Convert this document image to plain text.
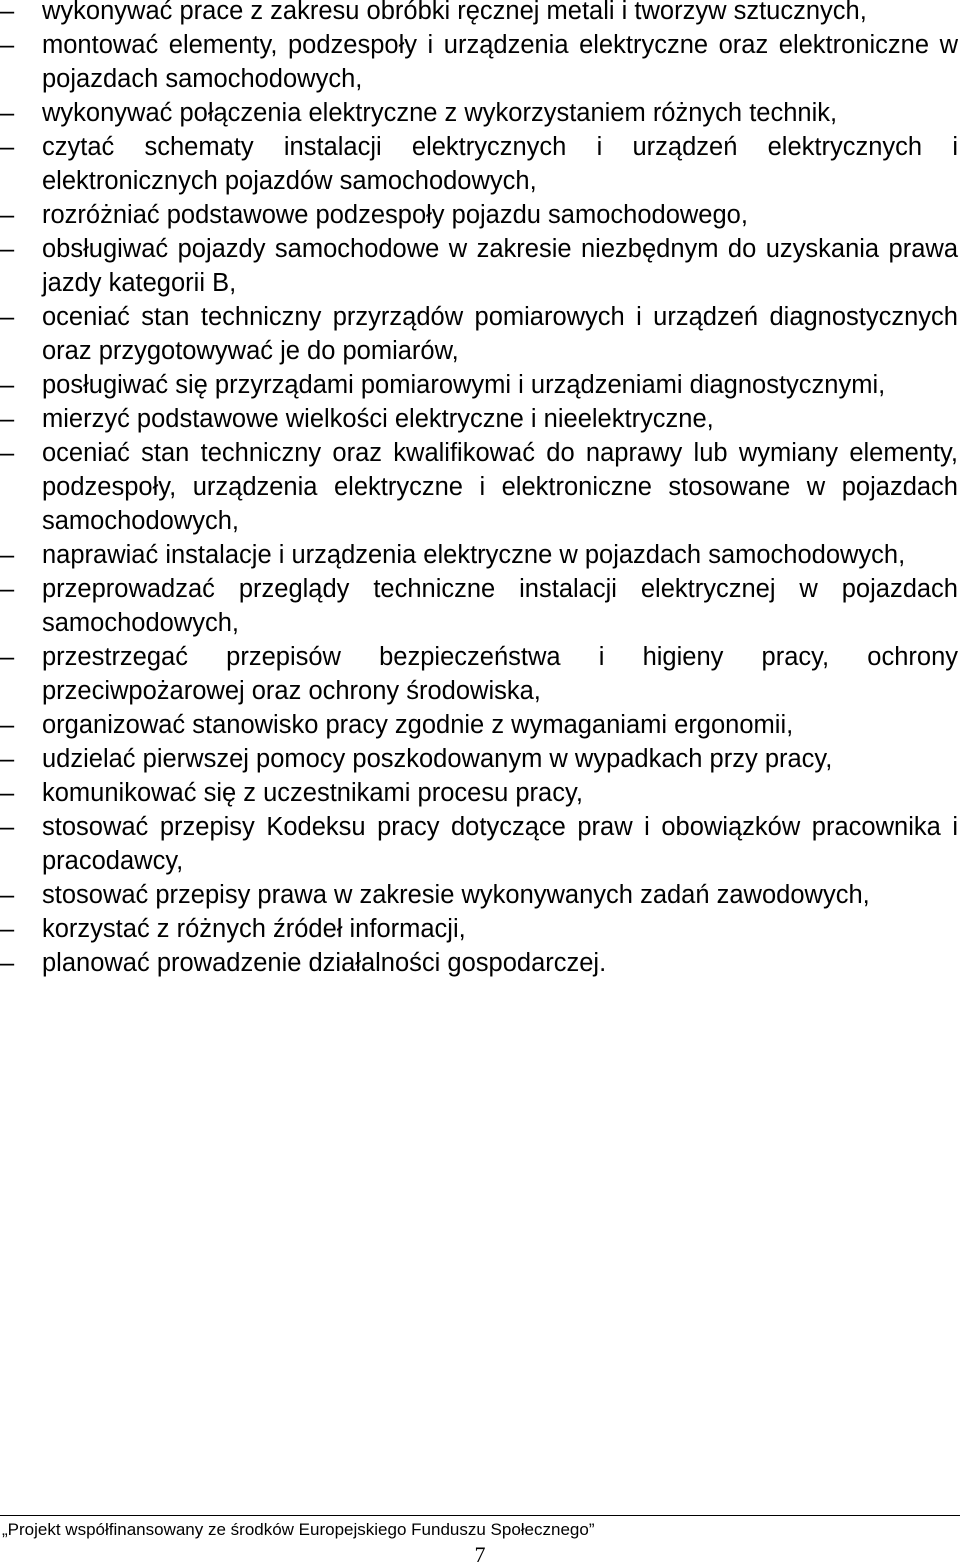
–	wykonywać prace z zakresu obróbki ręcznej metali i tworzyw sztucznych,
–	montować elementy, podzespoły i urządzenia elektryczne oraz elektroniczne w pojazdach samochodowych,
–	wykonywać połączenia elektryczne z wykorzystaniem różnych technik,
–	czytać schematy instalacji elektrycznych i urządzeń elektrycznych i elektronicznych pojazdów samochodowych,
–	rozróżniać podstawowe podzespoły pojazdu samochodowego,
–	obsługiwać pojazdy samochodowe w zakresie niezbędnym do uzyskania prawa jazdy kategorii B,
–	oceniać stan techniczny przyrządów pomiarowych i urządzeń diagnostycznych oraz przygotowywać je do pomiarów,
–	posługiwać się przyrządami pomiarowymi i urządzeniami diagnostycznymi,
–	mierzyć podstawowe wielkości elektryczne i nieelektryczne,
–	oceniać stan techniczny oraz kwalifikować do naprawy lub wymiany elementy, podzespoły, urządzenia elektryczne i elektroniczne stosowane w pojazdach samochodowych,
–	naprawiać instalacje i urządzenia elektryczne w pojazdach samochodowych,
–	przeprowadzać przeglądy techniczne instalacji elektrycznej w pojazdach samochodowych,
–	przestrzegać przepisów bezpieczeństwa i higieny pracy, ochrony przeciwpożarowej oraz ochrony środowiska,
–	organizować stanowisko pracy zgodnie z wymaganiami ergonomii,
–	udzielać pierwszej pomocy poszkodowanym w wypadkach przy pracy,
–	komunikować się z uczestnikami procesu pracy,
–	stosować przepisy Kodeksu pracy dotyczące praw i obowiązków pracownika i pracodawcy,
–	stosować przepisy prawa w zakresie wykonywanych zadań zawodowych,
–	korzystać z różnych źródeł informacji,
–	planować prowadzenie działalności gospodarczej.
„Projekt współfinansowany ze środków Europejskiego Funduszu Społecznego”
7
